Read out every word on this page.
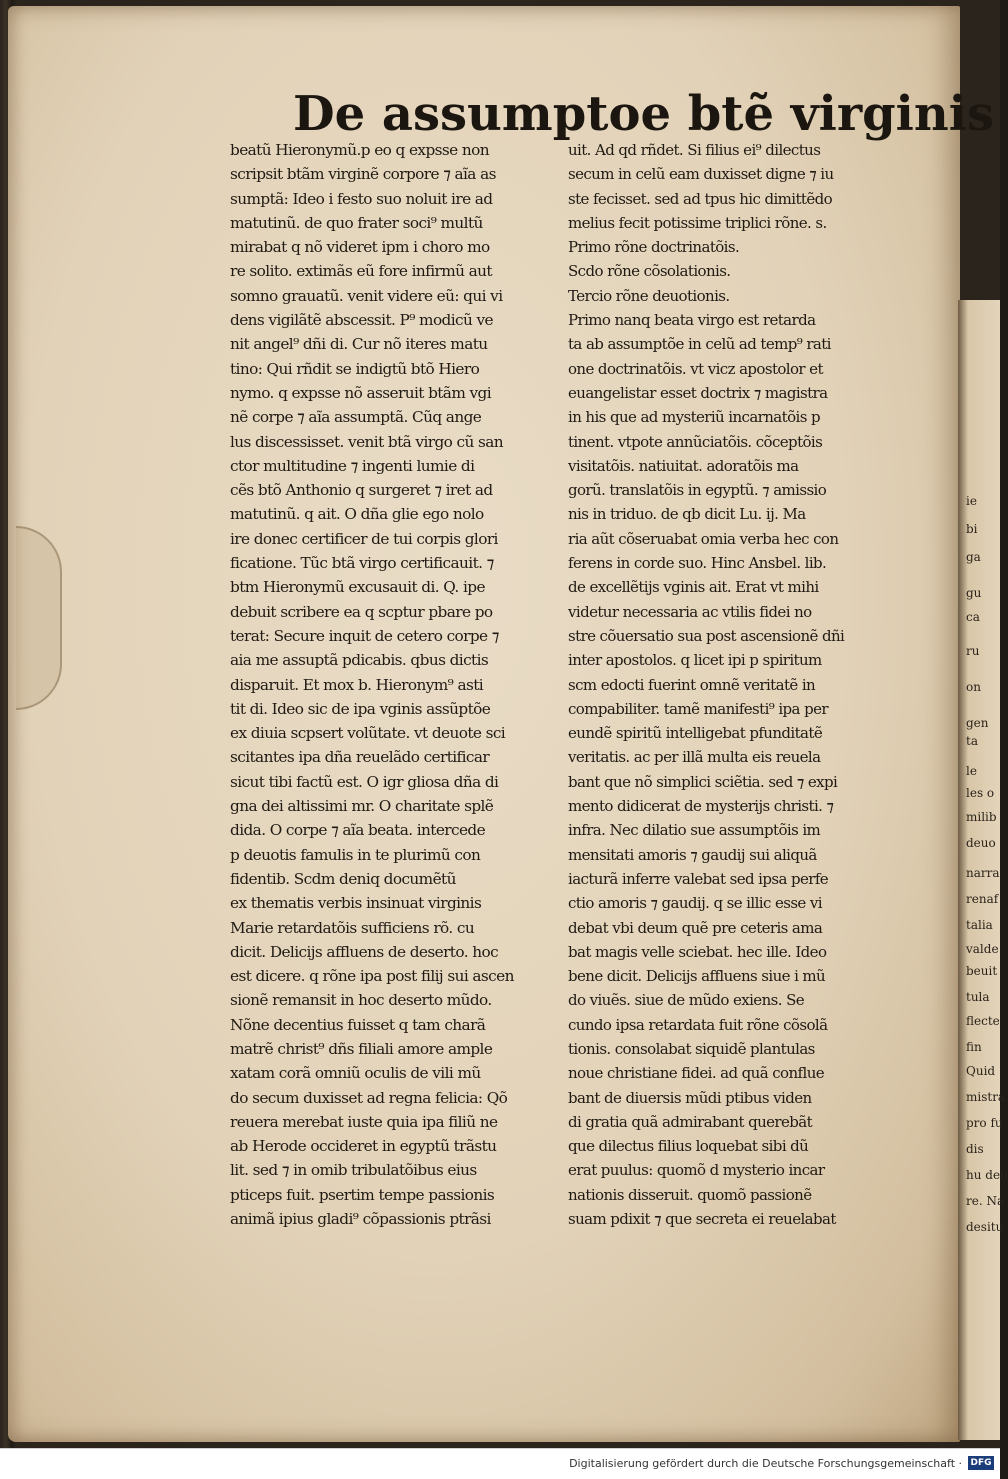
De assumptoe btẽ virginis
beatũ Hieronymũ.p eo q expsse non
scripsit btãm virginẽ corpore ⁊ aĩa as
sumptã: Ideo i festo suo noluit ire ad
matutinũ. de quo frater soci⁹ multũ
mirabat q nõ videret ipm i choro mo
re solito. extimãs eũ fore infirmũ aut
somno grauatũ. venit videre eũ: qui vi
dens vigilãtẽ abscessit. P⁹ modicũ ve
nit angel⁹ dñi di. Cur nõ iteres matu
tino: Qui rñdit se indigtũ btõ Hiero
nymo. q expsse nõ asseruit btãm vgi
nẽ corpe ⁊ aĩa assumptã. Cũq ange
lus discessisset. venit btã virgo cũ san
ctor multitudine ⁊ ingenti lumie di
cẽs btõ Anthonio q surgeret ⁊ iret ad
matutinũ. q ait. O dña glie ego nolo
ire donec certificer de tui corpis glori
ficatione. Tũc btã virgo certificauit. ⁊
btm Hieronymũ excusauit di. Q. ipe
debuit scribere ea q scptur pbare po
terat: Secure inquit de cetero corpe ⁊
aia me assuptã pdicabis. qbus dictis
disparuit. Et mox b. Hieronym⁹ asti
tit di. Ideo sic de ipa vginis assũptõe
ex diuia scpsert volũtate. vt deuote sci
scitantes ipa dña reuelãdo certificar
sicut tibi factũ est. O igr gliosa dña di
gna dei altissimi mr. O charitate splẽ
dida. O corpe ⁊ aĩa beata. intercede
p deuotis famulis in te plurimũ con
fidentib. Scdm deniq documẽtũ
ex thematis verbis insinuat virginis
Marie retardatõis sufficiens rõ. cu
dicit. Delicijs affluens de deserto. hoc
est dicere. q rõne ipa post filij sui ascen
sionẽ remansit in hoc deserto mũdo.
Nõne decentius fuisset q tam charã
matrẽ christ⁹ dñs filiali amore ample
xatam corã omniũ oculis de vili mũ
do secum duxisset ad regna felicia: Qõ
reuera merebat iuste quia ipa filiũ ne
ab Herode occideret in egyptũ trãstu
lit. sed ⁊ in omib tribulatõibus eius
pticeps fuit. psertim tempe passionis
animã ipius gladi⁹ cõpassionis ptrãsi
uit. Ad qd rñdet. Si filius ei⁹ dilectus
secum in celũ eam duxisset digne ⁊ iu
ste fecisset. sed ad tpus hic dimittẽdo
melius fecit potissime triplici rõne. s.
Primo rõne doctrinatõis.
Scdo rõne cõsolationis.
Tercio rõne deuotionis.
Primo nanq beata virgo est retarda
ta ab assumptõe in celũ ad temp⁹ rati
one doctrinatõis. vt vicz apostolor et
euangelistar esset doctrix ⁊ magistra
in his que ad mysteriũ incarnatõis p
tinent. vtpote annũciatõis. cõceptõis
visitatõis. natiuitat. adoratõis ma
gorũ. translatõis in egyptũ. ⁊ amissio
nis in triduo. de qb dicit Lu. ij. Ma
ria aũt cõseruabat omia verba hec con
ferens in corde suo. Hinc Ansbel. lib.
de excellẽtijs vginis ait. Erat vt mihi
videtur necessaria ac vtilis fidei no
stre cõuersatio sua post ascensionẽ dñi
inter apostolos. q licet ipi p spiritum
scm edocti fuerint omnẽ veritatẽ in
compabiliter. tamẽ manifesti⁹ ipa per
eundẽ spiritũ intelligebat pfunditatẽ
veritatis. ac per illã multa eis reuela
bant que nõ simplici sciẽtia. sed ⁊ expi
mento didicerat de mysterijs christi. ⁊
infra. Nec dilatio sue assumptõis im
mensitati amoris ⁊ gaudij sui aliquã
iacturã inferre valebat sed ipsa perfe
ctio amoris ⁊ gaudij. q se illic esse vi
debat vbi deum quẽ pre ceteris ama
bat magis velle sciebat. hec ille. Ideo
bene dicit. Delicijs affluens siue i mũ
do viuẽs. siue de mũdo exiens. Se
cundo ipsa retardata fuit rõne cõsolã
tionis. consolabat siquidẽ plantulas
noue christiane fidei. ad quã conflue
bant de diuersis mũdi ptibus viden
di gratia quã admirabant querebãt
que dilectus filius loquebat sibi dũ
erat puulus: quomõ d mysterio incar
nationis disseruit. quomõ passionẽ
suam pdixit ⁊ que secreta ei reuelabat
ie
bi
ga
gu
ca
ru
on
gen
ta
le
les o
milib
deuo
narra
renaf
talia
valde
beuit
tula
flecte
fin
Quid
mistra
pro fu
dis
hu deu
re. Na
desitu
Digitalisierung gefördert durch die Deutsche Forschungsgemeinschaft · DFG
